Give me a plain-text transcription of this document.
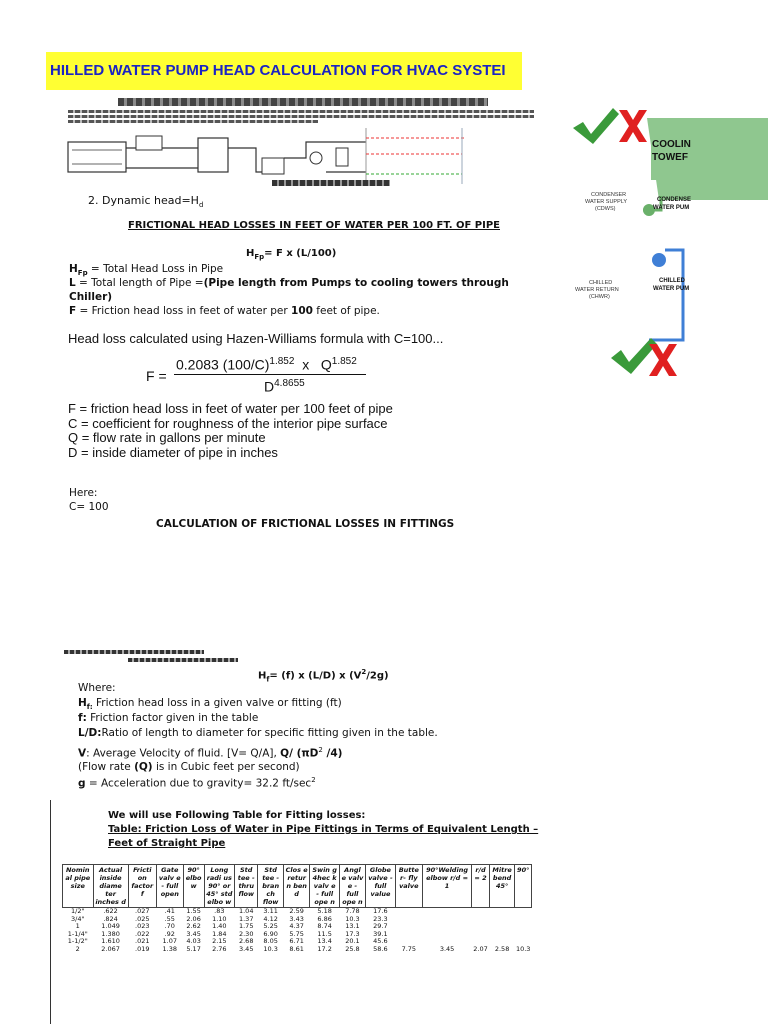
HILLED WATER PUMP HEAD CALCULATION FOR HVAC SYSTEI
2. Dynamic $head=H_d$
FRICTIONAL HEAD LOSSES IN FEET OF WATER PER 100 FT. OF PIPE
$H_{Fp}= F$ x (L/100)
$H_{Fp}$ = Total Head Loss in Pipe
L = Total length of Pipe =(Pipe length from Pumps to cooling towers through
Chiller)
F = Friction head loss in feet of water per 100 feet of pipe.
Head loss calculated using Hazen-Williams formula with C=100...
F =
0.2083 $(100/C)^{1.852}$ x $Q^{1.852}$
$D^{4.8655}$
F = friction head loss in feet of water per 100 feet of pipe
C = coefficient for roughness of the interior pipe surface
Q = flow rate in gallons per minute
D = inside diameter of pipe in inches
Here:
C= 100
CALCULATION OF FRICTIONAL LOSSES IN FITTINGS
COOLIN
TOWEF
CONDENSER WATER SUPPLY (CDWS)
CONDENSE WATER PUM
CHILLED WATER PUM
CHILLED WATER RETURN (CHWR)
$H_f= (f)$ x (L/D) x $(V^2/2g)$
Where:
$H_{f:}$ Friction head loss in a given valve or fitting (ft)
f: Friction factor given in the table
L/D:Ratio of length to diameter for specific fitting given in the table.
V: Average Velocity of fluid. [V= Q/A], Q/ ($\pi D^2$ /4)
(Flow rate (Q) is in Cubic feet per second)
g = Acceleration due to gravity= 32.2 $ft/\sec^2$
We will use Following Table for Fitting losses:
Table: Friction Loss of Water in Pipe Fittings in Terms of Equivalent Length –
Feet of Straight Pipe
Nomin al pipe size	Actual inside diame ter inches d	Fricti on factor f	Gate valv e - full open	90° elbo w	Long radi us 90° or 45° std elbo w	Std tee - thru flow	Std tee - bran ch flow	Clos e retur n ben d	Swin g 4hec k valv e - full ope n	Angl e valv e - full ope n	Globe valve - full value	Butte r- fly valve	90°Welding elbow r/d = 1	r/d = 2	Mitre bend 45°	90°
1/2"	.622	.027	.41	1.55	.83	1.04	3.11	2.59	5.18	7.78	17.6					
3/4"	.824	.025	.55	2.06	1.10	1.37	4.12	3.43	6.86	10.3	23.3					
1	1.049	.023	.70	2.62	1.40	1.75	5.25	4.37	8.74	13.1	29.7					
1-1/4"	1.380	.022	.92	3.45	1.84	2.30	6.90	5.75	11.5	17.3	39.1					
1-1/2"	1.610	.021	1.07	4.03	2.15	2.68	8.05	6.71	13.4	20.1	45.6					
2	2.067	.019	1.38	5.17	2.76	3.45	10.3	8.61	17.2	25.8	58.6	7.75	3.45	2.07	2.58	10.3
